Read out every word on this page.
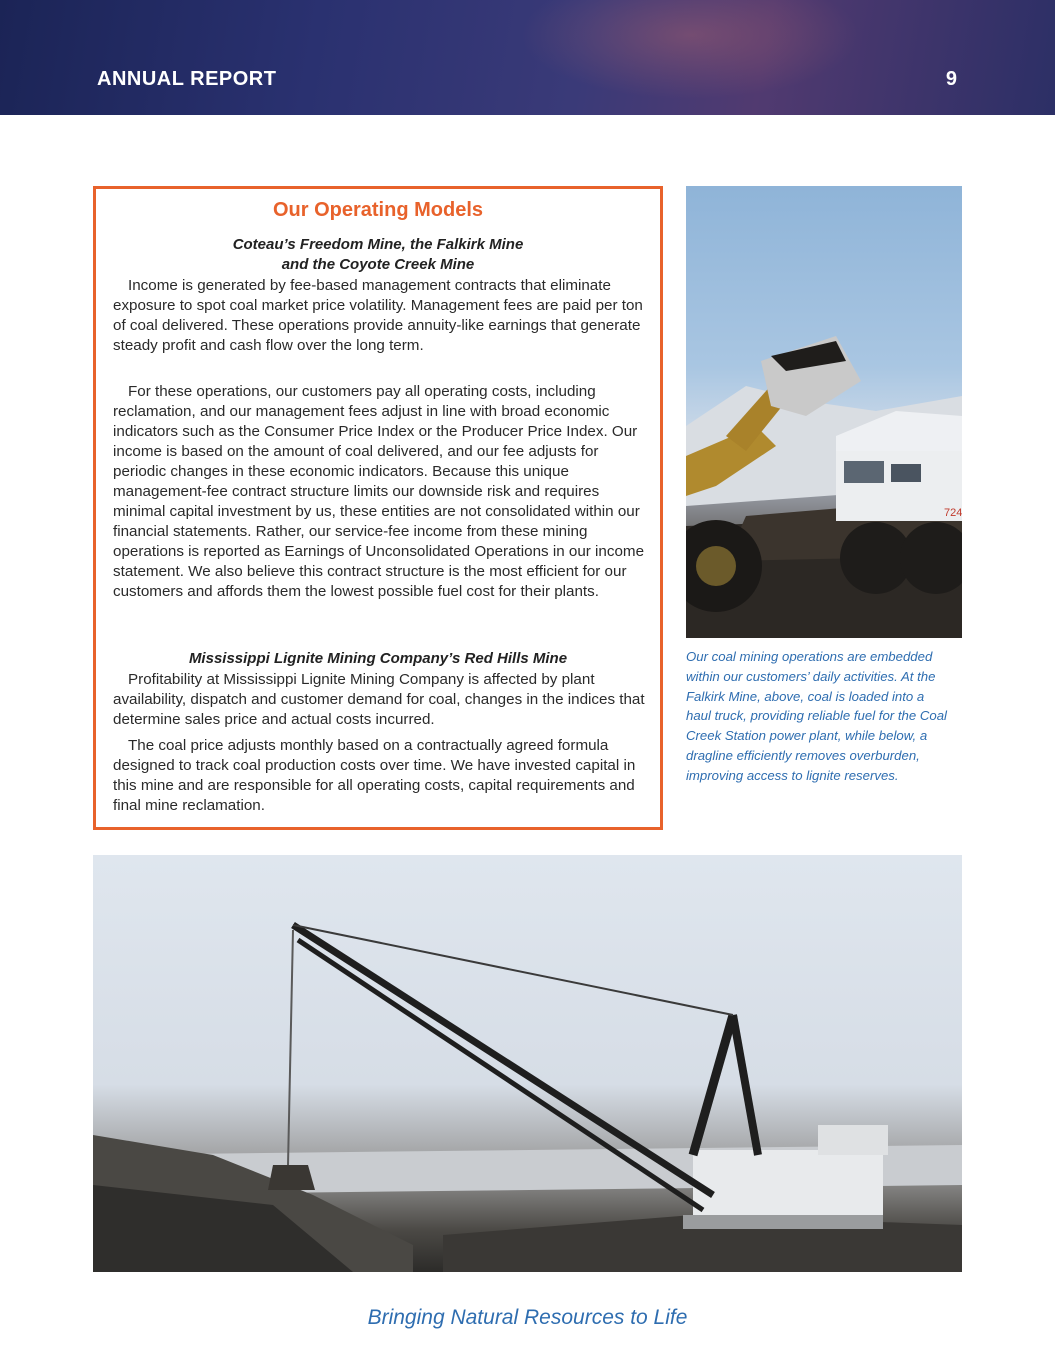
ANNUAL REPORT	9
Our Operating Models
Coteau’s Freedom Mine, the Falkirk Mine
and the Coyote Creek Mine
Income is generated by fee-based management contracts that eliminate exposure to spot coal market price volatility. Management fees are paid per ton of coal delivered. These operations provide annuity-like earnings that generate steady profit and cash flow over the long term.
For these operations, our customers pay all operating costs, including reclamation, and our management fees adjust in line with broad economic indicators such as the Consumer Price Index or the Producer Price Index. Our income is based on the amount of coal delivered, and our fee adjusts for periodic changes in these economic indicators. Because this unique management-fee contract structure limits our downside risk and requires minimal capital investment by us, these entities are not consolidated within our financial statements. Rather, our service-fee income from these mining operations is reported as Earnings of Unconsolidated Operations in our income statement. We also believe this contract structure is the most efficient for our customers and affords them the lowest possible fuel cost for their plants.
Mississippi Lignite Mining Company’s Red Hills Mine
Profitability at Mississippi Lignite Mining Company is affected by plant availability, dispatch and customer demand for coal, changes in the indices that determine sales price and actual costs incurred.
The coal price adjusts monthly based on a contractually agreed formula designed to track coal production costs over time. We have invested capital in this mine and are responsible for all operating costs, capital requirements and final mine reclamation.
724
Our coal mining operations are embedded within our customers’ daily activities. At the Falkirk Mine, above, coal is loaded into a haul truck, providing reliable fuel for the Coal Creek Station power plant, while below, a dragline efficiently removes overburden, improving access to lignite reserves.
Bringing Natural Resources to Life
